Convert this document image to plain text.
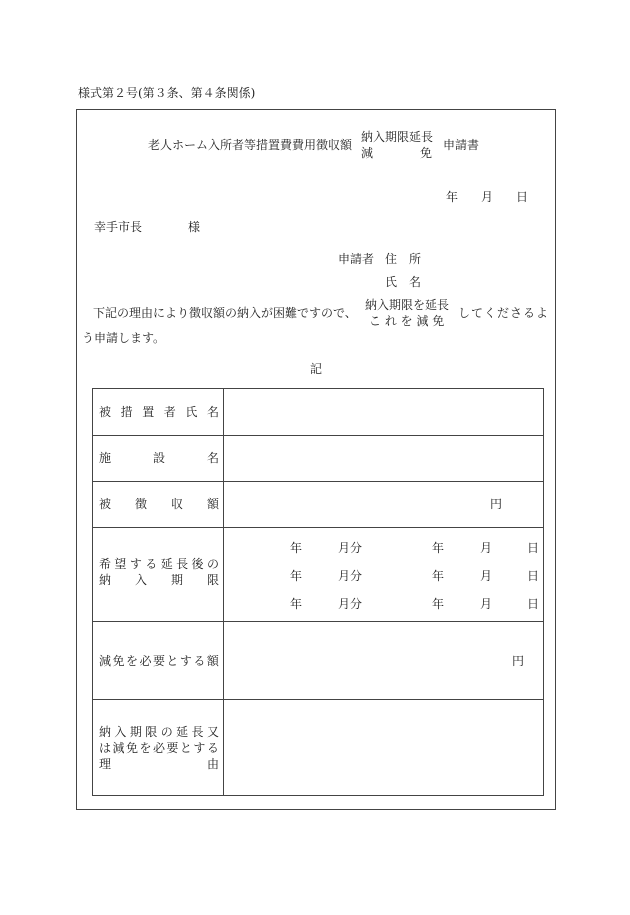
様式第２号(第３条、第４条関係)
老人ホーム入所者等措置費費用徴収額
納入期限延長
減	免
申請書
年 月 日
幸手市長	様
申請者 住　所
氏　名
下記の理由により徴収額の納入が困難ですので、
納入期限を延長
こ れ を 減 免
してくださるよ
う申請します。
記
被 措 置 者 氏 名
施	設	名
被 徴 収 額	円
希 望 す る 延 長 後 の
納 入 期 限
年	月分	年	月	日
年	月分	年	月	日
年	月分	年	月	日
減 免 を 必 要 と す る 額	円
納 入 期 限 の 延 長 又
は 減 免 を 必 要 と す る
理	由
